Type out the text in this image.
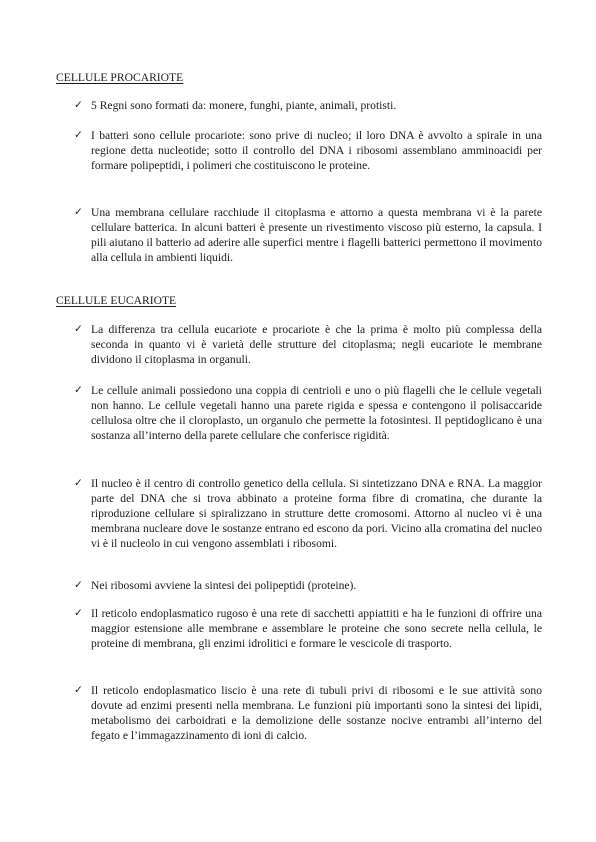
CELLULE PROCARIOTE
✓ 5 Regni sono formati da: monere, funghi, piante, animali, protisti.
✓ I batteri sono cellule procariote: sono prive di nucleo; il loro DNA è avvolto a spirale in una regione detta nucleotide; sotto il controllo del DNA i ribosomi assemblano amminoacidi per formare polipeptidi, i polimeri che costituiscono le proteine.
✓ Una membrana cellulare racchiude il citoplasma e attorno a questa membrana vi è la parete cellulare batterica. In alcuni batteri è presente un rivestimento viscoso più esterno, la capsula. I pili aiutano il batterio ad aderire alle superfici mentre i flagelli batterici permettono il movimento alla cellula in ambienti liquidi.
CELLULE EUCARIOTE
✓ La differenza tra cellula eucariote e procariote è che la prima è molto più complessa della seconda in quanto vi è varietà delle strutture del citoplasma; negli eucariote le membrane dividono il citoplasma in organuli.
✓ Le cellule animali possiedono una coppia di centrioli e uno o più flagelli che le cellule vegetali non hanno. Le cellule vegetali hanno una parete rigida e spessa e contengono il polisaccaride cellulosa oltre che il cloroplasto, un organulo che permette la fotosintesi. Il peptidoglicano è una sostanza all’interno della parete cellulare che conferisce rigidità.
✓ Il nucleo è il centro di controllo genetico della cellula. Si sintetizzano DNA e RNA. La maggior parte del DNA che si trova abbinato a proteine forma fibre di cromatina, che durante la riproduzione cellulare si spiralizzano in strutture dette cromosomi. Attorno al nucleo vi è una membrana nucleare dove le sostanze entrano ed escono da pori. Vicino alla cromatina del nucleo vi è il nucleolo in cui vengono assemblati i ribosomi.
✓ Nei ribosomi avviene la sintesi dei polipeptidi (proteine).
✓ Il reticolo endoplasmatico rugoso è una rete di sacchetti appiattiti e ha le funzioni di offrire una maggior estensione alle membrane e assemblare le proteine che sono secrete nella cellula, le proteine di membrana, gli enzimi idrolitici e formare le vescicole di trasporto.
✓ Il reticolo endoplasmatico liscio è una rete di tubuli privi di ribosomi e le sue attività sono dovute ad enzimi presenti nella membrana. Le funzioni più importanti sono la sintesi dei lipidi, metabolismo dei carboidrati e la demolizione delle sostanze nocive entrambi all’interno del fegato e l’immagazzinamento di ioni di calcio.
